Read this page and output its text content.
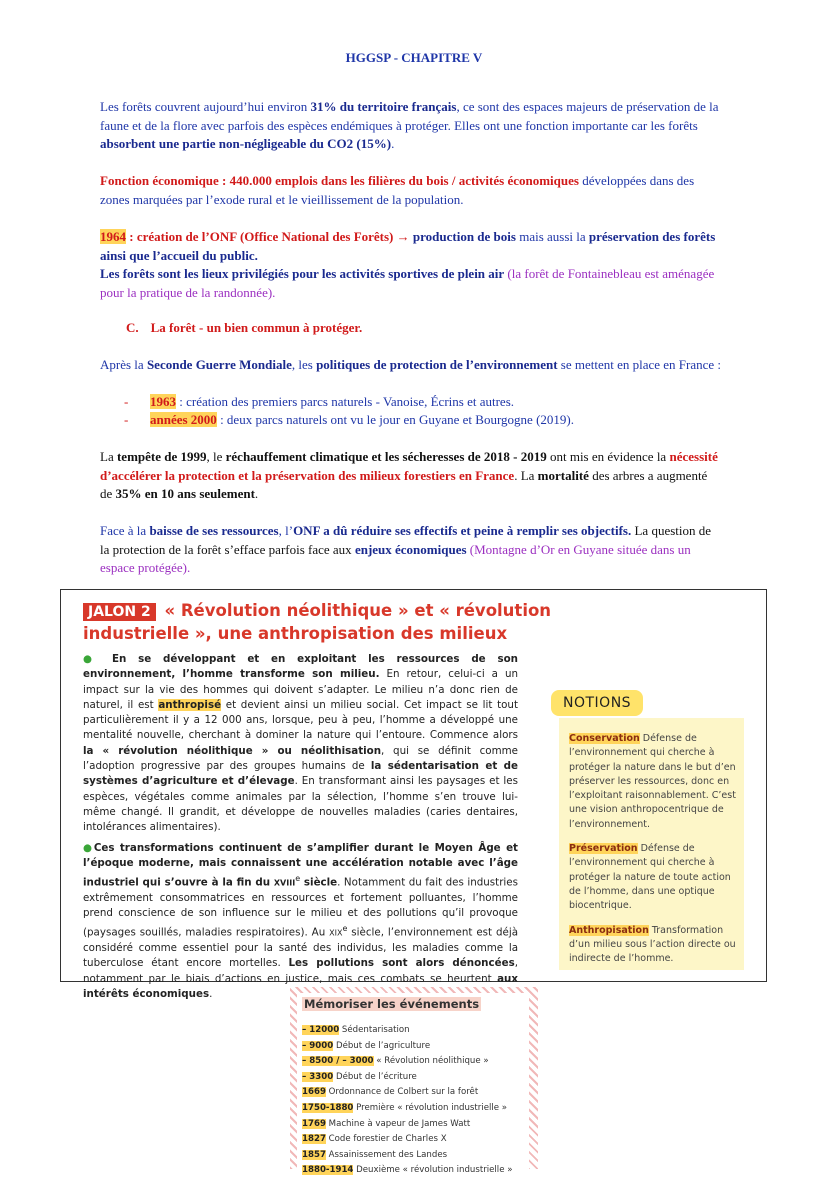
HGGSP - CHAPITRE V

Les forêts couvrent aujourd’hui environ 31% du territoire français, ce sont des espaces majeurs de préservation de la faune et de la flore avec parfois des espèces endémiques à protéger. Elles ont une fonction importante car les forêts absorbent une partie non-négligeable du CO2 (15%).

Fonction économique : 440.000 emplois dans les filières du bois / activités économiques développées dans des zones marquées par l’exode rural et le vieillissement de la population.

1964 : création de l’ONF (Office National des Forêts) → production de bois mais aussi la préservation des forêts ainsi que l’accueil du public.
Les forêts sont les lieux privilégiés pour les activités sportives de plein air (la forêt de Fontainebleau est aménagée pour la pratique de la randonnée).

C. La forêt - un bien commun à protéger.

Après la Seconde Guerre Mondiale, les politiques de protection de l’environnement se mettent en place en France :

- 1963 : création des premiers parcs naturels - Vanoise, Écrins et autres.
- années 2000 : deux parcs naturels ont vu le jour en Guyane et Bourgogne (2019).

La tempête de 1999, le réchauffement climatique et les sécheresses de 2018 - 2019 ont mis en évidence la nécessité d’accélérer la protection et la préservation des milieux forestiers en France. La mortalité des arbres a augmenté de 35% en 10 ans seulement.

Face à la baisse de ses ressources, l’ONF a dû réduire ses effectifs et peine à remplir ses objectifs. La question de la protection de la forêt s’efface parfois face aux enjeux économiques (Montagne d’Or en Guyane située dans un espace protégée).

JALON 2 « Révolution néolithique » et « révolution
industrielle », une anthropisation des milieux

● En se développant et en exploitant les ressources de son environnement, l’homme transforme son milieu. En retour, celui-ci a un impact sur la vie des hommes qui doivent s’adapter. Le milieu n’a donc rien de naturel, il est anthropisé et devient ainsi un milieu social. Cet impact se lit tout particulièrement il y a 12 000 ans, lorsque, peu à peu, l’homme a développé une mentalité nouvelle, cherchant à dominer la nature qui l’entoure. Commence alors la « révolution néolithique » ou néolithisation, qui se définit comme l’adoption progressive par des groupes humains de la sédentarisation et de systèmes d’agriculture et d’élevage. En transformant ainsi les paysages et les espèces, végétales comme animales par la sélection, l’homme s’en trouve lui-même changé. Il grandit, et développe de nouvelles maladies (caries dentaires, intolérances alimentaires).

●Ces transformations continuent de s’amplifier durant le Moyen Âge et l’époque moderne, mais connaissent une accélération notable avec l’âge industriel qui s’ouvre à la fin du XVIIIe siècle. Notamment du fait des industries extrêmement consommatrices en ressources et fortement polluantes, l’homme prend conscience de son influence sur le milieu et des pollutions qu’il provoque (paysages souillés, maladies respiratoires). Au XIXe siècle, l’environnement est déjà considéré comme essentiel pour la santé des individus, les maladies comme la tuberculose étant encore mortelles. Les pollutions sont alors dénoncées, notamment par le biais d’actions en justice, mais ces combats se heurtent aux intérêts économiques.

NOTIONS
Conservation Défense de l’environnement qui cherche à protéger la nature dans le but d’en préserver les ressources, donc en l’exploitant raisonnablement. C’est une vision anthropocentrique de l’environnement.
Préservation Défense de l’environnement qui cherche à protéger la nature de toute action de l’homme, dans une optique biocentrique.
Anthropisation Transformation d’un milieu sous l’action directe ou indirecte de l’homme.
Mémoriser les événements
– 12000 Sédentarisation
– 9000 Début de l’agriculture
– 8500 / – 3000 « Révolution néolithique »
– 3300 Début de l’écriture
1669 Ordonnance de Colbert sur la forêt
1750-1880 Première « révolution industrielle »
1769 Machine à vapeur de James Watt
1827 Code forestier de Charles X
1857 Assainissement des Landes
1880-1914 Deuxième « révolution industrielle »
